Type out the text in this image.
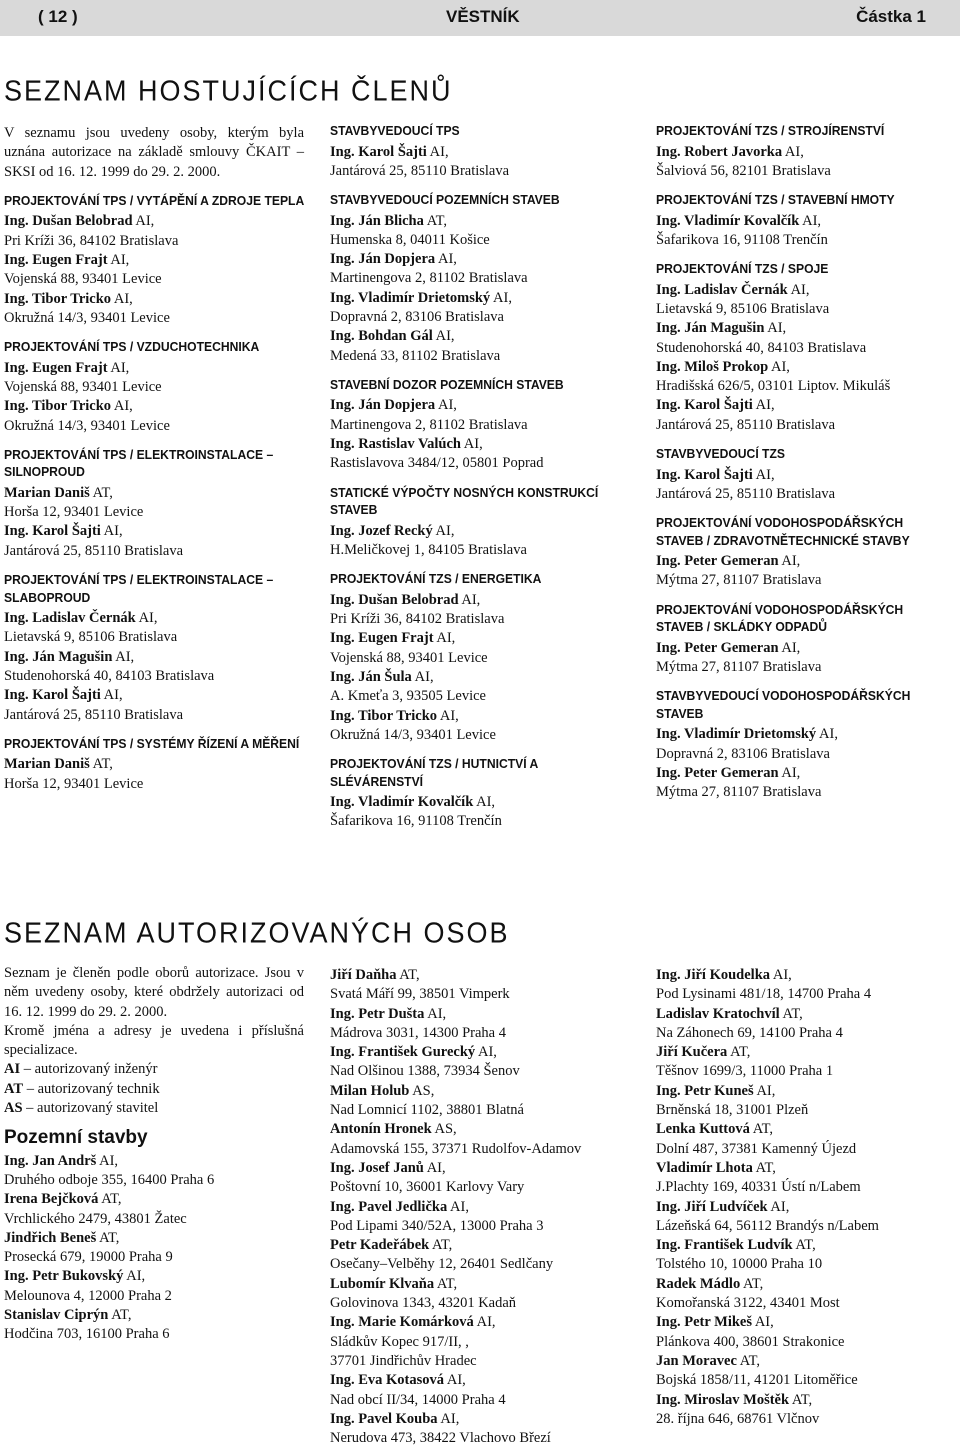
( 12 )	VĚSTNÍK	Částka 1
SEZNAM HOSTUJÍCÍCH ČLENŮ

V seznamu jsou uvedeny osoby, kterým byla uznána autorizace na základě smlouvy ČKAIT – SKSI od 16. 12. 1999 do 29. 2. 2000.

PROJEKTOVÁNÍ TPS / VYTÁPĚNÍ A ZDROJE TEPLA

Ing. Dušan Belobrad AI,

Pri Kríži 36, 84102 Bratislava

Ing. Eugen Frajt AI,

Vojenská 88, 93401 Levice

Ing. Tibor Tricko AI,

Okružná 14/3, 93401 Levice

PROJEKTOVÁNÍ TPS / VZDUCHOTECHNIKA

Ing. Eugen Frajt AI,

Vojenská 88, 93401 Levice

Ing. Tibor Tricko AI,

Okružná 14/3, 93401 Levice

PROJEKTOVÁNÍ TPS / ELEKTROINSTALACE – SILNOPROUD

Marian Daniš AT,

Horša 12, 93401 Levice

Ing. Karol Šajti AI,

Jantárová 25, 85110 Bratislava

PROJEKTOVÁNÍ TPS / ELEKTROINSTALACE – SLABOPROUD

Ing. Ladislav Černák AI,

Lietavská 9, 85106 Bratislava

Ing. Ján Magušin AI,

Studenohorská 40, 84103 Bratislava

Ing. Karol Šajti AI,

Jantárová 25, 85110 Bratislava

PROJEKTOVÁNÍ TPS / SYSTÉMY ŘÍZENÍ A MĚŘENÍ

Marian Daniš AT,

Horša 12, 93401 Levice

STAVBYVEDOUCÍ TPS

Ing. Karol Šajti AI,

Jantárová 25, 85110 Bratislava

STAVBYVEDOUCÍ POZEMNÍCH STAVEB

Ing. Ján Blicha AT,

Humenska 8, 04011 Košice

Ing. Ján Dopjera AI,

Martinengova 2, 81102 Bratislava

Ing. Vladimír Drietomský AI,

Dopravná 2, 83106 Bratislava

Ing. Bohdan Gál AI,

Medená 33, 81102 Bratislava

STAVEBNÍ DOZOR POZEMNÍCH STAVEB

Ing. Ján Dopjera AI,

Martinengova 2, 81102 Bratislava

Ing. Rastislav Valúch AI,

Rastislavova 3484/12, 05801 Poprad

STATICKÉ VÝPOČTY NOSNÝCH KONSTRUKCÍ STAVEB

Ing. Jozef Recký AI,

H.Meličkovej 1, 84105 Bratislava

PROJEKTOVÁNÍ TZS / ENERGETIKA

Ing. Dušan Belobrad AI,

Pri Kríži 36, 84102 Bratislava

Ing. Eugen Frajt AI,

Vojenská 88, 93401 Levice

Ing. Ján Šula AI,

A. Kmeťa 3, 93505 Levice

Ing. Tibor Tricko AI,

Okružná 14/3, 93401 Levice

PROJEKTOVÁNÍ TZS / HUTNICTVÍ A SLÉVÁRENSTVÍ

Ing. Vladimír Kovalčík AI,

Šafarikova 16, 91108 Trenčín

PROJEKTOVÁNÍ TZS / STROJÍRENSTVÍ

Ing. Robert Javorka AI,

Šalviová 56, 82101 Bratislava

PROJEKTOVÁNÍ TZS / STAVEBNÍ HMOTY

Ing. Vladimír Kovalčík AI,

Šafarikova 16, 91108 Trenčín

PROJEKTOVÁNÍ TZS / SPOJE

Ing. Ladislav Černák AI,

Lietavská 9, 85106 Bratislava

Ing. Ján Magušin AI,

Studenohorská 40, 84103 Bratislava

Ing. Miloš Prokop AI,

Hradišská 626/5, 03101 Liptov. Mikuláš

Ing. Karol Šajti AI,

Jantárová 25, 85110 Bratislava

STAVBYVEDOUCÍ TZS

Ing. Karol Šajti AI,

Jantárová 25, 85110 Bratislava

PROJEKTOVÁNÍ VODOHOSPODÁŘSKÝCH STAVEB / ZDRAVOTNĚTECHNICKÉ STAVBY

Ing. Peter Gemeran AI,

Mýtma 27, 81107 Bratislava

PROJEKTOVÁNÍ VODOHOSPODÁŘSKÝCH STAVEB / SKLÁDKY ODPADŮ

Ing. Peter Gemeran AI,

Mýtma 27, 81107 Bratislava

STAVBYVEDOUCÍ VODOHOSPODÁŘSKÝCH STAVEB

Ing. Vladimír Drietomský AI,

Dopravná 2, 83106 Bratislava

Ing. Peter Gemeran AI,

Mýtma 27, 81107 Bratislava

SEZNAM AUTORIZOVANÝCH OSOB

Seznam je členěn podle oborů autorizace. Jsou v něm uvedeny osoby, které obdržely autorizaci od 16. 12. 1999 do 29. 2. 2000.

Kromě jména a adresy je uvedena i příslušná specializace.

AI – autorizovaný inženýr

AT – autorizovaný technik

AS – autorizovaný stavitel

Pozemní stavby

Ing. Jan Andrš AI,

Druhého odboje 355, 16400 Praha 6

Irena Bejčková AT,

Vrchlického 2479, 43801 Žatec

Jindřich Beneš AT,

Prosecká 679, 19000 Praha 9

Ing. Petr Bukovský AI,

Melounova 4, 12000 Praha 2

Stanislav Ciprýn AT,

Hodčina 703, 16100 Praha 6

Jiří Daňha AT,

Svatá Máří 99, 38501 Vimperk

Ing. Petr Dušta AI,

Mádrova 3031, 14300 Praha 4

Ing. František Gurecký AI,

Nad Olšinou 1388, 73934 Šenov

Milan Holub AS,

Nad Lomnicí 1102, 38801 Blatná

Antonín Hronek AS,

Adamovská 155, 37371 Rudolfov-Adamov

Ing. Josef Janů AI,

Poštovní 10, 36001 Karlovy Vary

Ing. Pavel Jedlička AI,

Pod Lipami 340/52A, 13000 Praha 3

Petr Kadeřábek AT,

Osečany–Velběhy 12, 26401 Sedlčany

Lubomír Klvaňa AT,

Golovinova 1343, 43201 Kadaň

Ing. Marie Komárková AI,

Sládkův Kopec 917/II, ,

37701 Jindřichův Hradec

Ing. Eva Kotasová AI,

Nad obcí II/34, 14000 Praha 4

Ing. Pavel Kouba AI,

Nerudova 473, 38422 Vlachovo Březí

Ing. Jiří Koudelka AI,

Pod Lysinami 481/18, 14700 Praha 4

Ladislav Kratochvíl AT,

Na Záhonech 69, 14100 Praha 4

Jiří Kučera AT,

Těšnov 1699/3, 11000 Praha 1

Ing. Petr Kuneš AI,

Brněnská 18, 31001 Plzeň

Lenka Kuttová AT,

Dolní 487, 37381 Kamenný Újezd

Vladimír Lhota AT,

J.Plachty 169, 40331 Ústí n/Labem

Ing. Jiří Ludvíček AI,

Lázeňská 64, 56112 Brandýs n/Labem

Ing. František Ludvík AT,

Tolstého 10, 10000 Praha 10

Radek Mádlo AT,

Komořanská 3122, 43401 Most

Ing. Petr Mikeš AI,

Plánkova 400, 38601 Strakonice

Jan Moravec AT,

Bojská 1858/11, 41201 Litoměřice

Ing. Miroslav Moštěk AT,

28. října 646, 68761 Vlčnov
